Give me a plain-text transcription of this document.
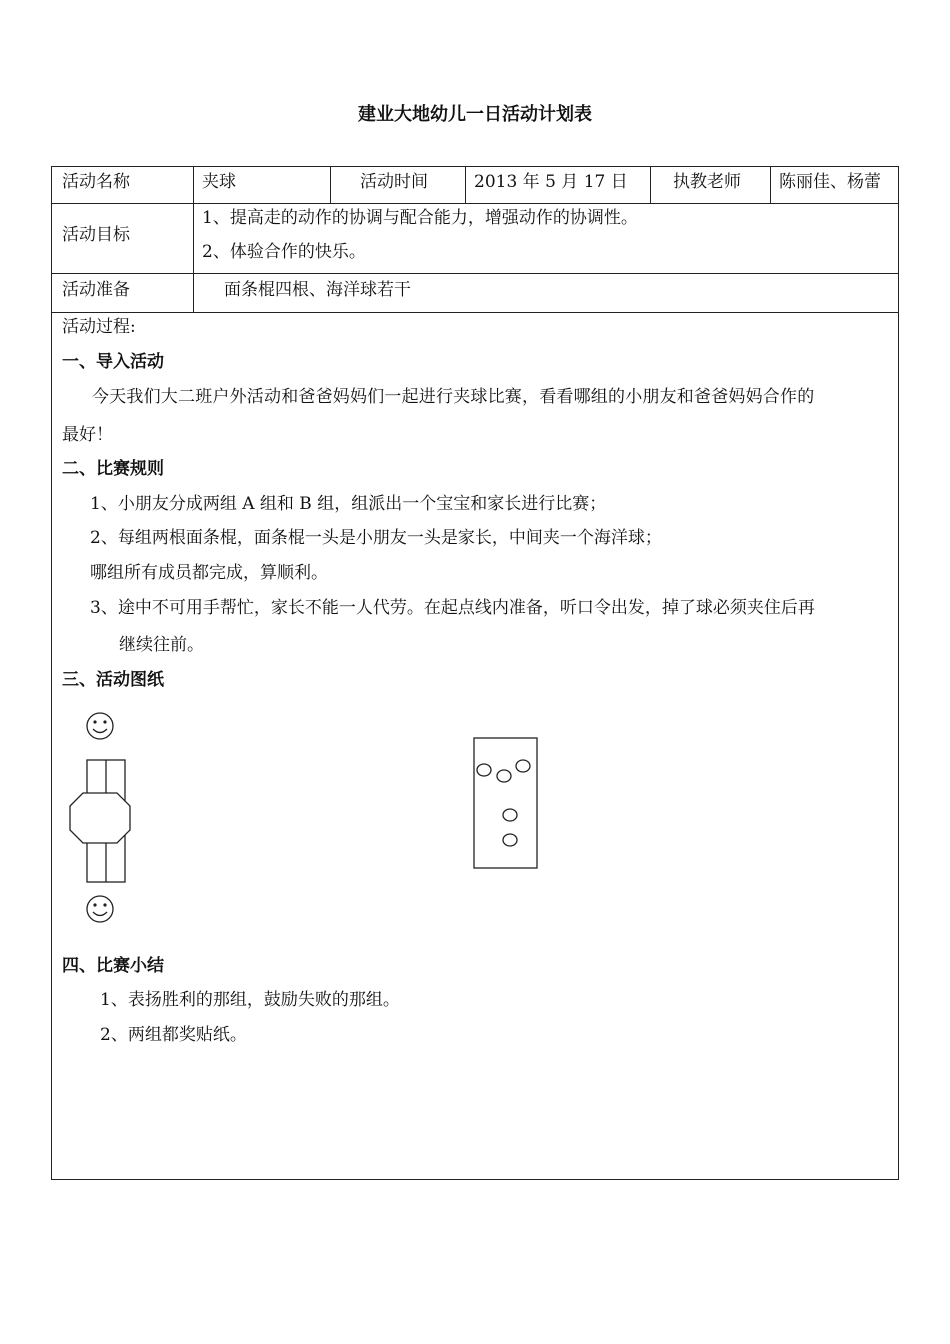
建业大地幼儿一日活动计划表
活动名称	夹球	活动时间	2013 年 5 月 17 日	执教老师 陈丽佳、杨蕾
活动目标
1、提高走的动作的协调与配合能力，增强动作的协调性。
2、体验合作的快乐。
活动准备	面条棍四根、海洋球若干
活动过程:
一、导入活动
今天我们大二班户外活动和爸爸妈妈们一起进行夹球比赛，看看哪组的小朋友和爸爸妈妈合作的
最好！
二、比赛规则
1、小朋友分成两组 A 组和 B 组，组派出一个宝宝和家长进行比赛；
2、每组两根面条棍，面条棍一头是小朋友一头是家长，中间夹一个海洋球；
哪组所有成员都完成，算顺利。
3、途中不可用手帮忙，家长不能一人代劳。在起点线内准备，听口令出发，掉了球必须夹住后再
继续往前。
三、活动图纸
四、比赛小结
1、表扬胜利的那组，鼓励失败的那组。
2、两组都奖贴纸。
